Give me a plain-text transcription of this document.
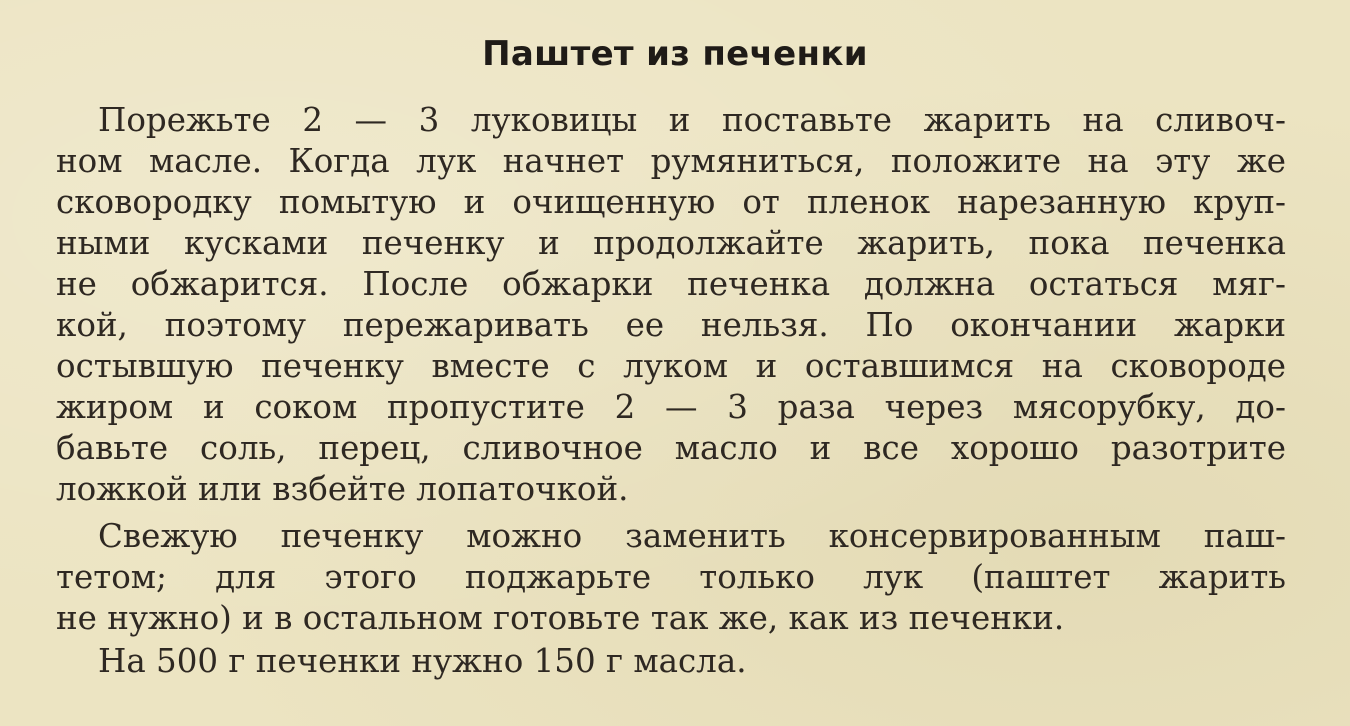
Паштет из печенки
Порежьте 2 — 3 луковицы и поставьте жарить на сливоч-
ном масле. Когда лук начнет румяниться, положите на эту же
сковородку помытую и очищенную от пленок нарезанную круп-
ными кусками печенку и продолжайте жарить, пока печенка
не обжарится. После обжарки печенка должна остаться мяг-
кой, поэтому пережаривать ее нельзя. По окончании жарки
остывшую печенку вместе с луком и оставшимся на сковороде
жиром и соком пропустите 2 — 3 раза через мясорубку, до-
бавьте соль, перец, сливочное масло и все хорошо разотрите
ложкой или взбейте лопаточкой.
Свежую печенку можно заменить консервированным паш-
тетом; для этого поджарьте только лук (паштет жарить
не нужно) и в остальном готовьте так же, как из печенки.
На 500 г печенки нужно 150 г масла.
